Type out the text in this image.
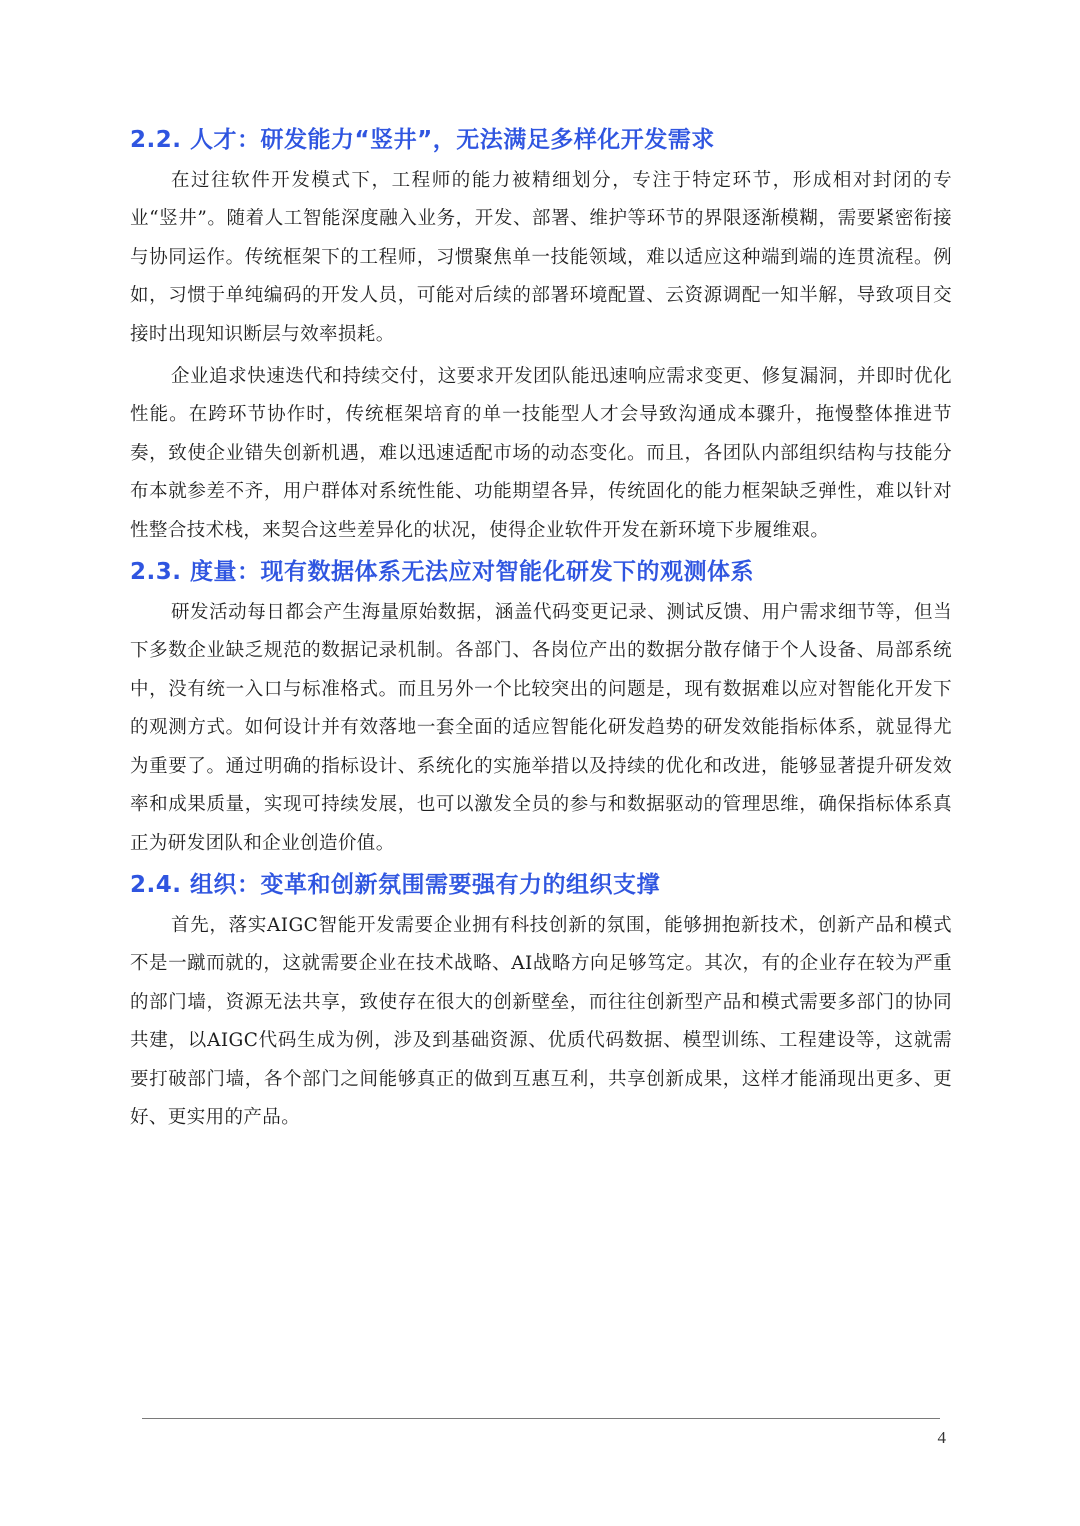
2.2. 人才：研发能力“竖井”，无法满足多样化开发需求

在过往软件开发模式下，工程师的能力被精细划分，专注于特定环节，形成相对封闭的专业“竖井”。随着人工智能深度融入业务，开发、部署、维护等环节的界限逐渐模糊，需要紧密衔接与协同运作。传统框架下的工程师，习惯聚焦单一技能领域，难以适应这种端到端的连贯流程。例如，习惯于单纯编码的开发人员，可能对后续的部署环境配置、云资源调配一知半解，导致项目交接时出现知识断层与效率损耗。

企业追求快速迭代和持续交付，这要求开发团队能迅速响应需求变更、修复漏洞，并即时优化性能。在跨环节协作时，传统框架培育的单一技能型人才会导致沟通成本骤升，拖慢整体推进节奏，致使企业错失创新机遇，难以迅速适配市场的动态变化。而且，各团队内部组织结构与技能分布本就参差不齐，用户群体对系统性能、功能期望各异，传统固化的能力框架缺乏弹性，难以针对性整合技术栈，来契合这些差异化的状况，使得企业软件开发在新环境下步履维艰。

2.3. 度量：现有数据体系无法应对智能化研发下的观测体系

研发活动每日都会产生海量原始数据，涵盖代码变更记录、测试反馈、用户需求细节等，但当下多数企业缺乏规范的数据记录机制。各部门、各岗位产出的数据分散存储于个人设备、局部系统中，没有统一入口与标准格式。而且另外一个比较突出的问题是，现有数据难以应对智能化开发下的观测方式。如何设计并有效落地一套全面的适应智能化研发趋势的研发效能指标体系，就显得尤为重要了。通过明确的指标设计、系统化的实施举措以及持续的优化和改进，能够显著提升研发效率和成果质量，实现可持续发展，也可以激发全员的参与和数据驱动的管理思维，确保指标体系真正为研发团队和企业创造价值。

2.4. 组织：变革和创新氛围需要强有力的组织支撑

首先，落实AIGC智能开发需要企业拥有科技创新的氛围，能够拥抱新技术，创新产品和模式不是一蹴而就的，这就需要企业在技术战略、AI战略方向足够笃定。其次，有的企业存在较为严重的部门墙，资源无法共享，致使存在很大的创新壁垒，而往往创新型产品和模式需要多部门的协同共建，以AIGC代码生成为例，涉及到基础资源、优质代码数据、模型训练、工程建设等，这就需要打破部门墙，各个部门之间能够真正的做到互惠互利，共享创新成果，这样才能涌现出更多、更好、更实用的产品。

4
